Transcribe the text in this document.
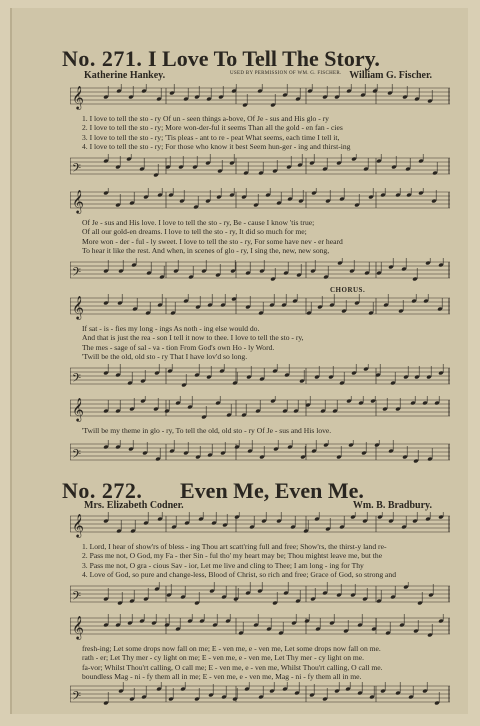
No. 271. I Love To Tell The Story.
USED BY PERMISSION OF WM. G. FISCHER.
Katherine Hankey.	William G. Fischer.
𝄞
1. I love to tell the sto - ry Of un - seen things a-bove, Of Je - sus and His glo - ry
2. I love to tell the sto - ry; More won-der-ful it seems Than all the gold - en fan - cies
3. I love to tell the sto - ry; 'Tis pleas - ant to re - peat What seems, each time I tell it,
4. I love to tell the sto - ry; For those who know it best Seem hun-ger - ing and thirst-ing
𝄢
𝄞
Of Je - sus and His love. I love to tell the sto - ry, Be - cause I know 'tis true;
Of all our gold-en dreams. I love to tell the sto - ry, It did so much for me;
More won - der - ful - ly sweet. I love to tell the sto - ry, For some have nev - er heard
To hear it like the rest. And when, in scenes of glo - ry, I sing the, new, new song,
𝄢
CHORUS.
𝄞
If sat - is - fies my long - ings As noth - ing else would do.
And that is just the rea - son I tell it now to thee. I love to tell the sto - ry,
The mes - sage of sal - va - tion From God's own Ho - ly Word.
'Twill be the old, old sto - ry That I have lov'd so long.
𝄢
𝄞
'Twill be my theme in glo - ry, To tell the old, old sto - ry Of Je - sus and His love.
𝄢
No. 272. Even Me, Even Me.
Mrs. Elizabeth Codner.	Wm. B. Bradbury.
𝄞
1. Lord, I hear of show'rs of bless - ing Thou art scatt'ring full and free; Show'rs, the thirst-y land re-
2. Pass me not, O God, my Fa - ther Sin - ful tho' my heart may be; Thou mightst leave me, but the
3. Pass me not, O gra - cious Sav - ior, Let me live and cling to Thee; I am long - ing for Thy
4. Love of God, so pure and change-less, Blood of Christ, so rich and free; Grace of God, so strong and
𝄢
𝄞
fresh-ing; Let some drops now fall on me; E - ven me, e - ven me, Let some drops now fall on me.
rath - er; Let Thy mer - cy light on me; E - ven me, e - ven me, Let Thy mer - cy light on me.
fa-vor; Whilst Thou'rt calling, O call me; E - ven me, e - ven me, Whilst Thou'rt calling, O call me.
boundless Mag - ni - fy them all in me; E - ven me, e - ven me, Mag - ni - fy them all in me.
𝄢
